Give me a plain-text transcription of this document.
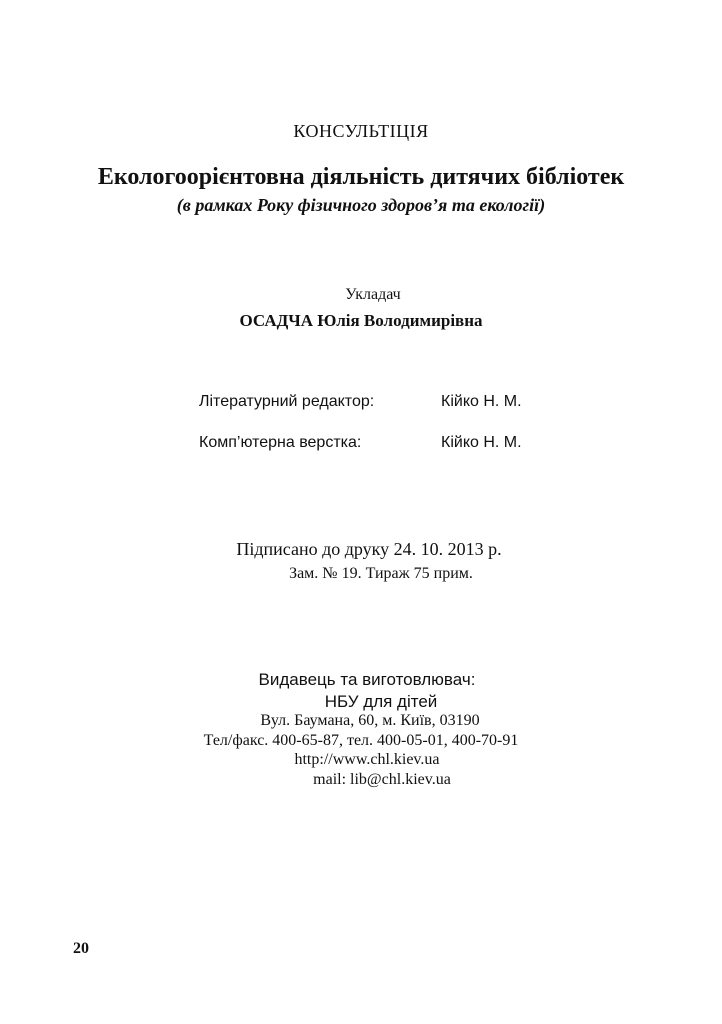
КОНСУЛЬТІЦІЯ
Екологоорієнтовна діяльність дитячих бібліотек
(в рамках Року фізичного здоров’я та екології)
Укладач
ОСАДЧА Юлія Володимирівна
Літературний редактор:	Кійко Н. М.
Комп’ютерна верстка:	Кійко Н. М.
Підписано до друку 24. 10. 2013 р.
Зам. № 19. Тираж 75 прим.
Видавець та виготовлювач:
НБУ для дітей
Вул. Баумана, 60, м. Київ, 03190
Тел/факс. 400-65-87, тел. 400-05-01, 400-70-91
http://www.chl.kiev.ua
mail: lib@chl.kiev.ua
20
